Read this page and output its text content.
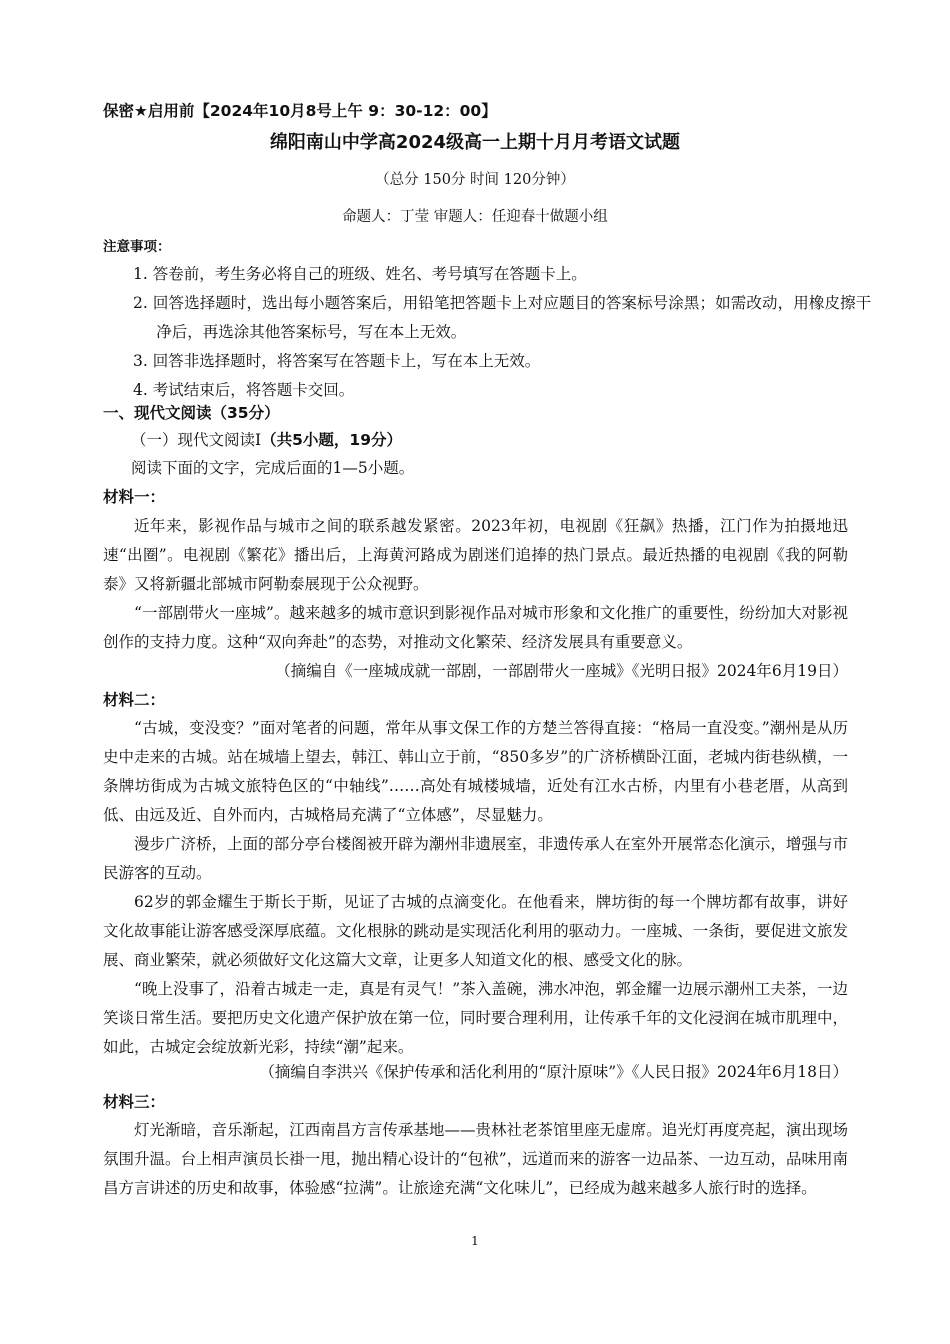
保密★启用前【2024年10月8号上午 9：30-12：00】
绵阳南山中学高2024级高一上期十月月考语文试题
（总分 150分 时间 120分钟）
命题人：丁莹 审题人：任迎春十做题小组
注意事项：
1. 答卷前，考生务必将自己的班级、姓名、考号填写在答题卡上。
2. 回答选择题时，选出每小题答案后，用铅笔把答题卡上对应题目的答案标号涂黑；如需改动，用橡皮擦干净后，再选涂其他答案标号，写在本上无效。
3. 回答非选择题时，将答案写在答题卡上，写在本上无效。
4. 考试结束后，将答题卡交回。
一、现代文阅读（35分）
（一）现代文阅读Ⅰ（共5小题，19分）
阅读下面的文字，完成后面的1—5小题。
材料一：
近年来，影视作品与城市之间的联系越发紧密。2023年初，电视剧《狂飙》热播，江门作为拍摄地迅速“出圈”。电视剧《繁花》播出后，上海黄河路成为剧迷们追捧的热门景点。最近热播的电视剧《我的阿勒泰》又将新疆北部城市阿勒泰展现于公众视野。
“一部剧带火一座城”。越来越多的城市意识到影视作品对城市形象和文化推广的重要性，纷纷加大对影视创作的支持力度。这种“双向奔赴”的态势，对推动文化繁荣、经济发展具有重要意义。
（摘编自《一座城成就一部剧，一部剧带火一座城》《光明日报》2024年6月19日）
材料二：
“古城，变没变？”面对笔者的问题，常年从事文保工作的方楚兰答得直接：“格局一直没变。”潮州是从历史中走来的古城。站在城墙上望去，韩江、韩山立于前，“850多岁”的广济桥横卧江面，老城内街巷纵横，一条牌坊街成为古城文旅特色区的“中轴线”……高处有城楼城墙，近处有江水古桥，内里有小巷老厝，从高到低、由远及近、自外而内，古城格局充满了“立体感”，尽显魅力。
漫步广济桥，上面的部分亭台楼阁被开辟为潮州非遗展室，非遗传承人在室外开展常态化演示，增强与市民游客的互动。
62岁的郭金耀生于斯长于斯，见证了古城的点滴变化。在他看来，牌坊街的每一个牌坊都有故事，讲好文化故事能让游客感受深厚底蕴。文化根脉的跳动是实现活化利用的驱动力。一座城、一条街，要促进文旅发展、商业繁荣，就必须做好文化这篇大文章，让更多人知道文化的根、感受文化的脉。
“晚上没事了，沿着古城走一走，真是有灵气！”茶入盖碗，沸水冲泡，郭金耀一边展示潮州工夫茶，一边笑谈日常生活。要把历史文化遗产保护放在第一位，同时要合理利用，让传承千年的文化浸润在城市肌理中，如此，古城定会绽放新光彩，持续“潮”起来。
（摘编自李洪兴《保护传承和活化利用的“原汁原味”》《人民日报》2024年6月18日）
材料三：
灯光渐暗，音乐渐起，江西南昌方言传承基地——贵林社老茶馆里座无虚席。追光灯再度亮起，演出现场氛围升温。台上相声演员长褂一甩，抛出精心设计的“包袱”，远道而来的游客一边品茶、一边互动，品味用南昌方言讲述的历史和故事，体验感“拉满”。让旅途充满“文化味儿”，已经成为越来越多人旅行时的选择。
1
